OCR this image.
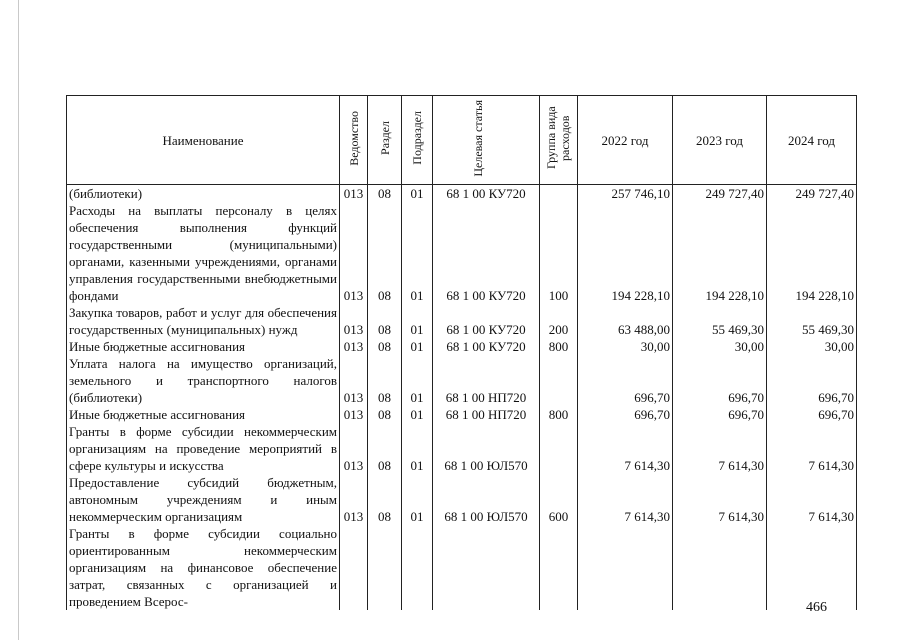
Наименование	Ведомство	Раздел	Подраздел	Целевая статья	Группа вида расходов	2022 год	2023 год	2024 год
(библиотеки)	013	08	01	68 1 00 КУ720		257 746,10	249 727,40	249 727,40
Расходы на выплаты персоналу в целях обеспечения выполнения функций государственными (муниципальными) органами, казенными учреждениями, органами управления государственными внебюджетными фондами	013	08	01	68 1 00 КУ720	100	194 228,10	194 228,10	194 228,10
Закупка товаров, работ и услуг для обеспечения государственных (муниципальных) нужд	013	08	01	68 1 00 КУ720	200	63 488,00	55 469,30	55 469,30
Иные бюджетные ассигнования	013	08	01	68 1 00 КУ720	800	30,00	30,00	30,00
Уплата налога на имущество организаций, земельного и транспортного налогов (библиотеки)	013	08	01	68 1 00 НП720		696,70	696,70	696,70
Иные бюджетные ассигнования	013	08	01	68 1 00 НП720	800	696,70	696,70	696,70
Гранты в форме субсидии некоммерческим организациям на проведение мероприятий в сфере культуры и искусства	013	08	01	68 1 00 ЮЛ570		7 614,30	7 614,30	7 614,30
Предоставление субсидий бюджетным, автономным учреждениям и иным некоммерческим организациям	013	08	01	68 1 00 ЮЛ570	600	7 614,30	7 614,30	7 614,30
Гранты в форме субсидии социально ориентированным некоммерческим организациям на финансовое обеспечение затрат, связанных с организацией и проведением Всерос-									466
